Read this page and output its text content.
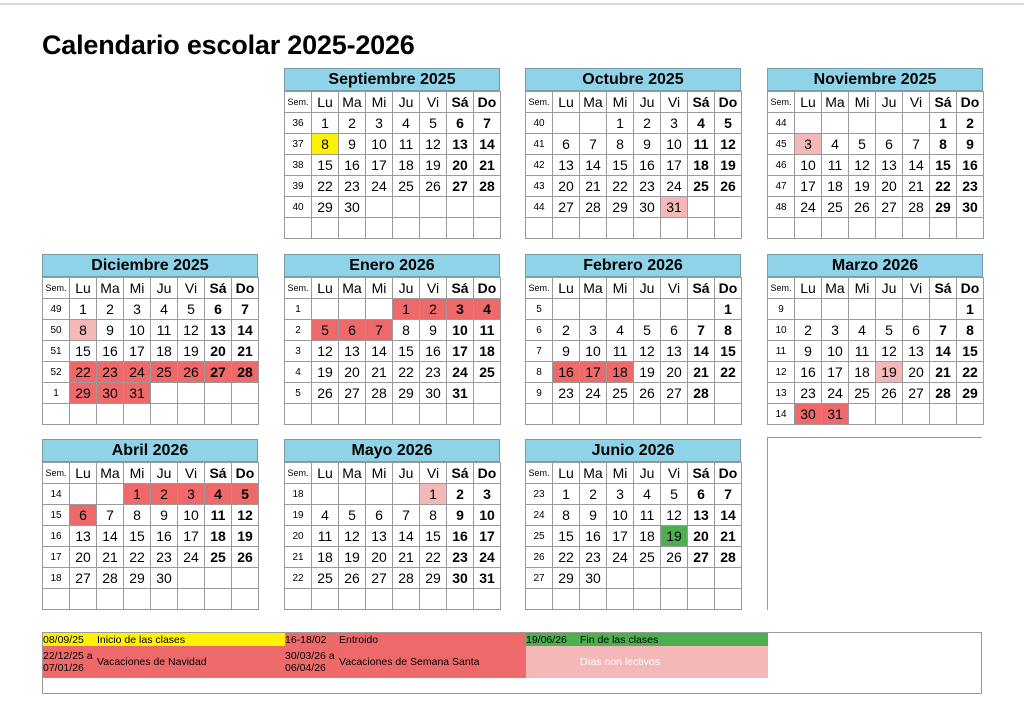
Calendario escolar 2025-2026
Septiembre 2025
Sem.	Lu	Ma	Mi	Ju	Vi	Sá	Do
36	1	2	3	4	5	6	7
37	8	9	10	11	12	13	14
38	15	16	17	18	19	20	21
39	22	23	24	25	26	27	28
40	29	30					

Octubre 2025
Sem.	Lu	Ma	Mi	Ju	Vi	Sá	Do
40			1	2	3	4	5
41	6	7	8	9	10	11	12
42	13	14	15	16	17	18	19
43	20	21	22	23	24	25	26
44	27	28	29	30	31		

Noviembre 2025
Sem.	Lu	Ma	Mi	Ju	Vi	Sá	Do
44						1	2
45	3	4	5	6	7	8	9
46	10	11	12	13	14	15	16
47	17	18	19	20	21	22	23
48	24	25	26	27	28	29	30

Diciembre 2025
Sem.	Lu	Ma	Mi	Ju	Vi	Sá	Do
49	1	2	3	4	5	6	7
50	8	9	10	11	12	13	14
51	15	16	17	18	19	20	21
52	22	23	24	25	26	27	28
1	29	30	31				

Enero 2026
Sem.	Lu	Ma	Mi	Ju	Vi	Sá	Do
1				1	2	3	4
2	5	6	7	8	9	10	11
3	12	13	14	15	16	17	18
4	19	20	21	22	23	24	25
5	26	27	28	29	30	31	

Febrero 2026
Sem.	Lu	Ma	Mi	Ju	Vi	Sá	Do
5							1
6	2	3	4	5	6	7	8
7	9	10	11	12	13	14	15
8	16	17	18	19	20	21	22
9	23	24	25	26	27	28	

Marzo 2026
Sem.	Lu	Ma	Mi	Ju	Vi	Sá	Do
9							1
10	2	3	4	5	6	7	8
11	9	10	11	12	13	14	15
12	16	17	18	19	20	21	22
13	23	24	25	26	27	28	29
14	30	31					
Abril 2026
Sem.	Lu	Ma	Mi	Ju	Vi	Sá	Do
14			1	2	3	4	5
15	6	7	8	9	10	11	12
16	13	14	15	16	17	18	19
17	20	21	22	23	24	25	26
18	27	28	29	30			

Mayo 2026
Sem.	Lu	Ma	Mi	Ju	Vi	Sá	Do
18					1	2	3
19	4	5	6	7	8	9	10
20	11	12	13	14	15	16	17
21	18	19	20	21	22	23	24
22	25	26	27	28	29	30	31

Junio 2026
Sem.	Lu	Ma	Mi	Ju	Vi	Sá	Do
23	1	2	3	4	5	6	7
24	8	9	10	11	12	13	14
25	15	16	17	18	19	20	21
26	22	23	24	25	26	27	28
27	29	30					

08/09/25 Inicio de las clases	16-18/02 Entroido	19/06/26 Fin de las clases
22/12/25 a
07/01/26 Vacaciones de Navidad	30/03/26 a
06/04/26 Vacaciones de Semana Santa	Días non lectivos
